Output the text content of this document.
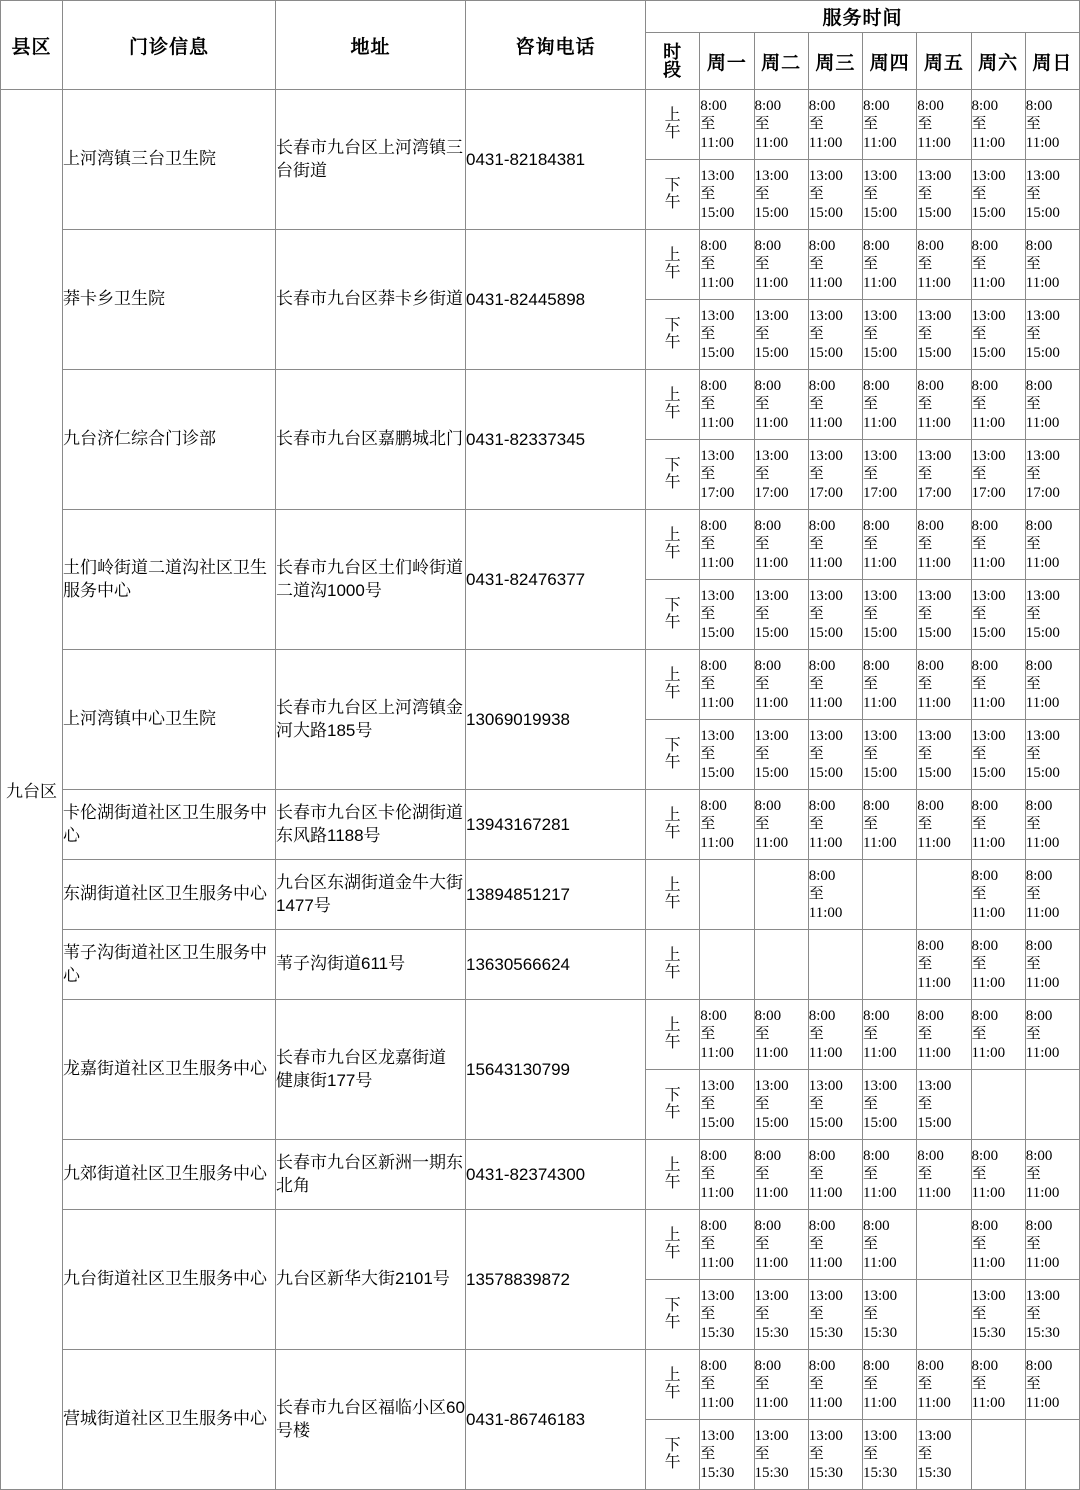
县区	门诊信息	地址	咨询电话	服务时间							

				时
段	周一	周二	周三	周四	周五	周六	周日
九台区	上河湾镇三台卫生院	长春市九台区上河湾镇三台街道	0431-82184381	上
午	8:00
至
11:00	8:00
至
11:00	8:00
至
11:00	8:00
至
11:00	8:00
至
11:00	8:00
至
11:00	8:00
至
11:00

				下
午	13:00
至
15:00	13:00
至
15:00	13:00
至
15:00	13:00
至
15:00	13:00
至
15:00	13:00
至
15:00	13:00
至
15:00

	莽卡乡卫生院	长春市九台区莽卡乡街道	0431-82445898	上
午	8:00
至
11:00	8:00
至
11:00	8:00
至
11:00	8:00
至
11:00	8:00
至
11:00	8:00
至
11:00	8:00
至
11:00

				下
午	13:00
至
15:00	13:00
至
15:00	13:00
至
15:00	13:00
至
15:00	13:00
至
15:00	13:00
至
15:00	13:00
至
15:00

	九台济仁综合门诊部	长春市九台区嘉鹏城北门	0431-82337345	上
午	8:00
至
11:00	8:00
至
11:00	8:00
至
11:00	8:00
至
11:00	8:00
至
11:00	8:00
至
11:00	8:00
至
11:00

				下
午	13:00
至
17:00	13:00
至
17:00	13:00
至
17:00	13:00
至
17:00	13:00
至
17:00	13:00
至
17:00	13:00
至
17:00

	土们岭街道二道沟社区卫生服务中心	长春市九台区土们岭街道二道沟1000号	0431-82476377	上
午	8:00
至
11:00	8:00
至
11:00	8:00
至
11:00	8:00
至
11:00	8:00
至
11:00	8:00
至
11:00	8:00
至
11:00

				下
午	13:00
至
15:00	13:00
至
15:00	13:00
至
15:00	13:00
至
15:00	13:00
至
15:00	13:00
至
15:00	13:00
至
15:00

	上河湾镇中心卫生院	长春市九台区上河湾镇金河大路185号	13069019938	上
午	8:00
至
11:00	8:00
至
11:00	8:00
至
11:00	8:00
至
11:00	8:00
至
11:00	8:00
至
11:00	8:00
至
11:00

				下
午	13:00
至
15:00	13:00
至
15:00	13:00
至
15:00	13:00
至
15:00	13:00
至
15:00	13:00
至
15:00	13:00
至
15:00

	卡伦湖街道社区卫生服务中心	长春市九台区卡伦湖街道东风路1188号	13943167281	上
午	8:00
至
11:00	8:00
至
11:00	8:00
至
11:00	8:00
至
11:00	8:00
至
11:00	8:00
至
11:00	8:00
至
11:00

	东湖街道社区卫生服务中心	九台区东湖街道金牛大街1477号	13894851217	上
午			8:00
至
11:00			8:00
至
11:00	8:00
至
11:00

	苇子沟街道社区卫生服务中心	苇子沟街道611号	13630566624	上
午					8:00
至
11:00	8:00
至
11:00	8:00
至
11:00

	龙嘉街道社区卫生服务中心	长春市九台区龙嘉街道
健康街177号	15643130799	上
午	8:00
至
11:00	8:00
至
11:00	8:00
至
11:00	8:00
至
11:00	8:00
至
11:00	8:00
至
11:00	8:00
至
11:00

				下
午	13:00
至
15:00	13:00
至
15:00	13:00
至
15:00	13:00
至
15:00	13:00
至
15:00		

	九郊街道社区卫生服务中心	长春市九台区新洲一期东北角	0431-82374300	上
午	8:00
至
11:00	8:00
至
11:00	8:00
至
11:00	8:00
至
11:00	8:00
至
11:00	8:00
至
11:00	8:00
至
11:00

	九台街道社区卫生服务中心	九台区新华大街2101号	13578839872	上
午	8:00
至
11:00	8:00
至
11:00	8:00
至
11:00	8:00
至
11:00		8:00
至
11:00	8:00
至
11:00

				下
午	13:00
至
15:30	13:00
至
15:30	13:00
至
15:30	13:00
至
15:30		13:00
至
15:30	13:00
至
15:30

	营城街道社区卫生服务中心	长春市九台区福临小区60号楼	0431-86746183	上
午	8:00
至
11:00	8:00
至
11:00	8:00
至
11:00	8:00
至
11:00	8:00
至
11:00	8:00
至
11:00	8:00
至
11:00

				下
午	13:00
至
15:30	13:00
至
15:30	13:00
至
15:30	13:00
至
15:30	13:00
至
15:30		
